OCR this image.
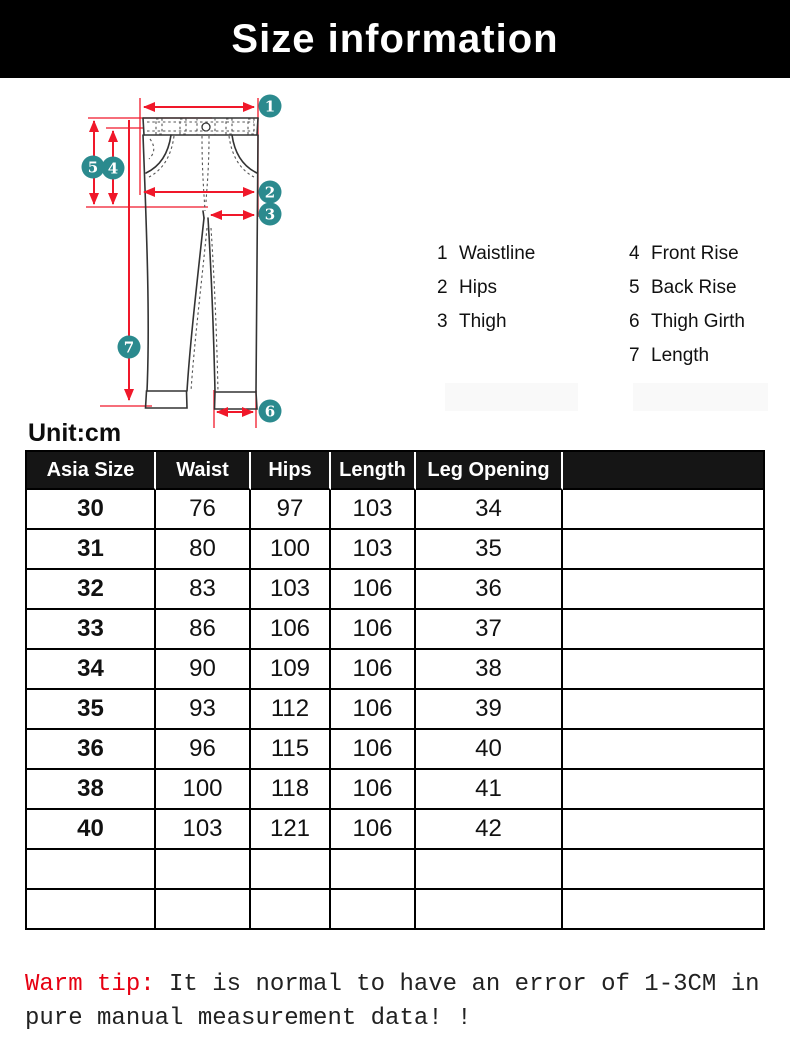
Size information
1
2
3
4
5
6
7
1 Waistline
2 Hips
3 Thigh
4 Front Rise
5 Back Rise
6 Thigh Girth
7 Length
Unit:cm
Asia Size	Waist	Hips	Length	Leg Opening	
30	76	97	103	34	
31	80	100	103	35	
32	83	103	106	36	
33	86	106	106	37	
34	90	109	106	38	
35	93	112	106	39	
36	96	115	106	40	
38	100	118	106	41	
40	103	121	106	42	

Warm tip: It is normal to have an error of 1-3CM in pure manual measurement data! !
